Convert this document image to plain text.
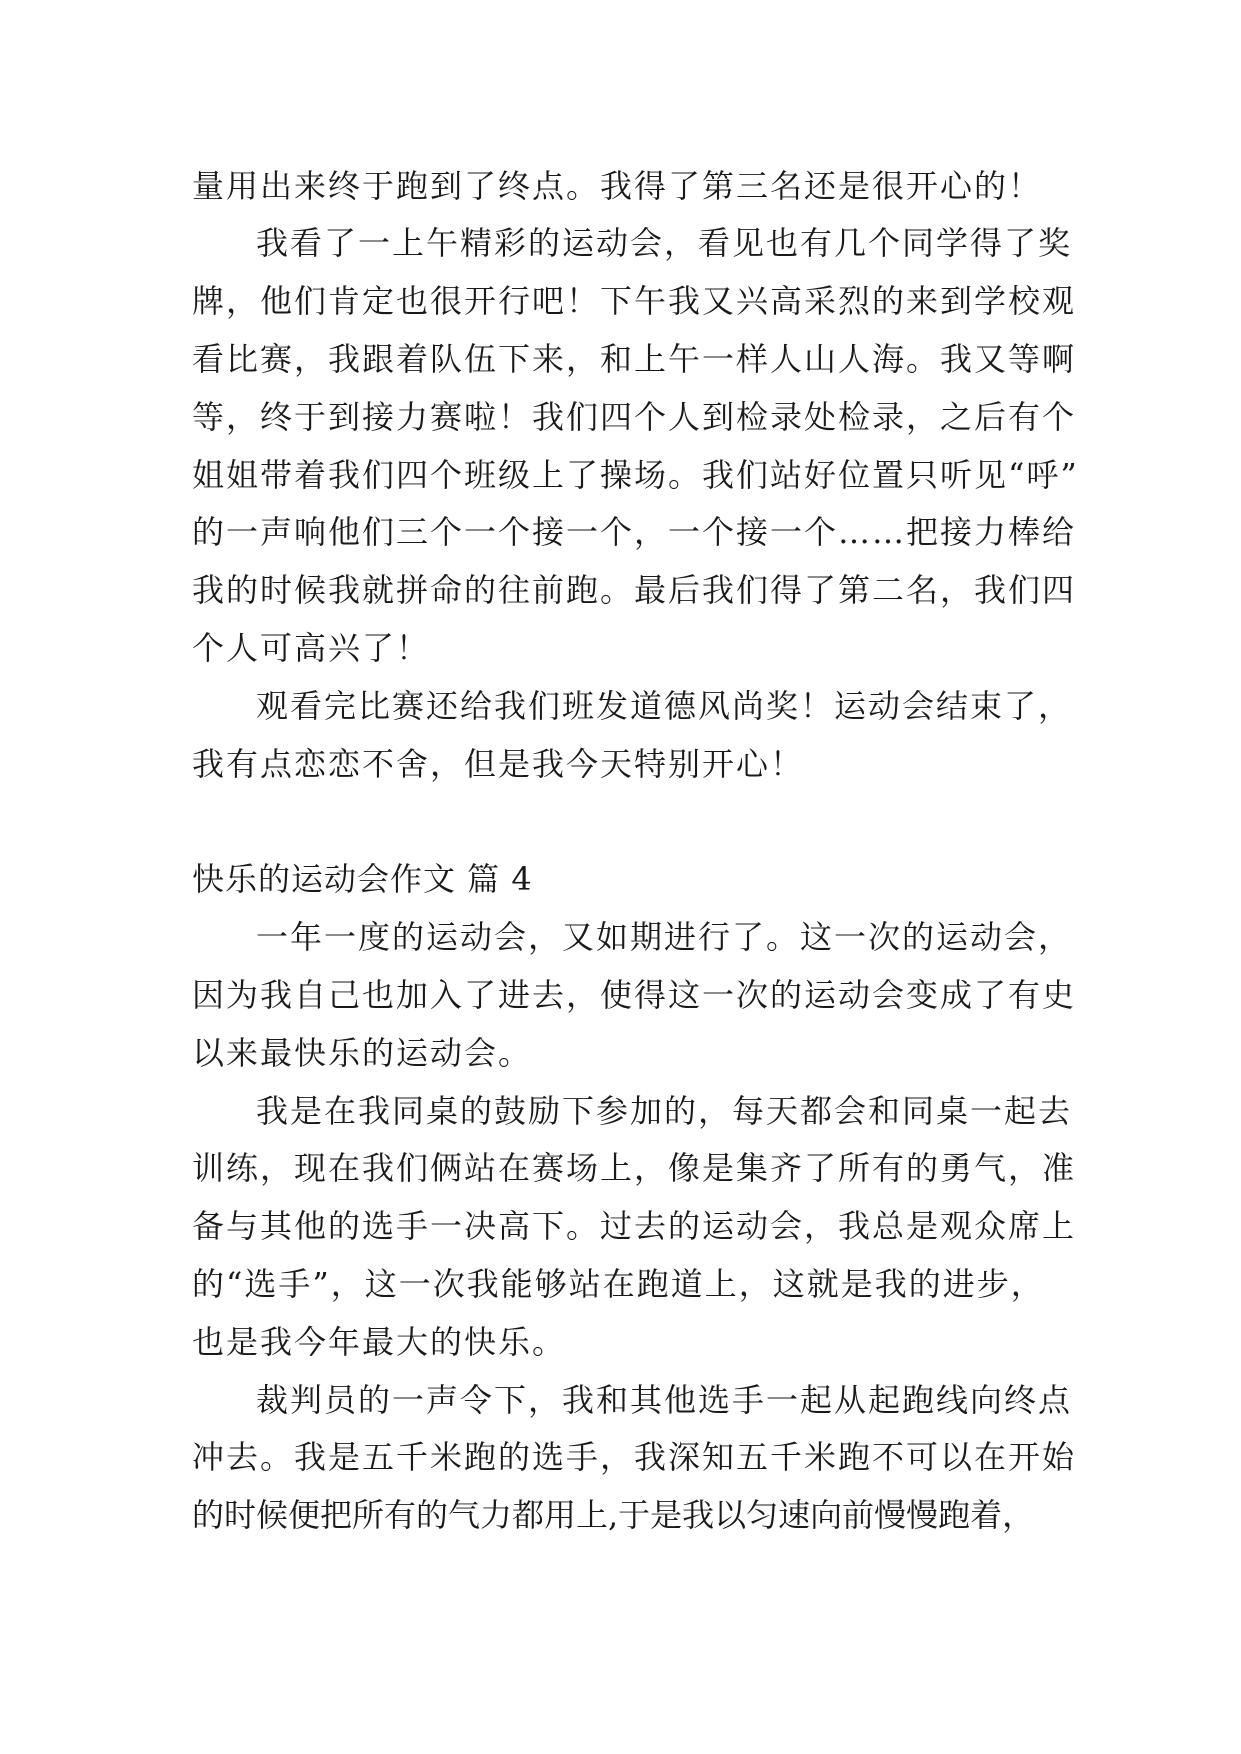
量用出来终于跑到了终点。我得了第三名还是很开心的！

我看了一上午精彩的运动会，看见也有几个同学得了奖

牌，他们肯定也很开行吧！下午我又兴高采烈的来到学校观

看比赛，我跟着队伍下来，和上午一样人山人海。我又等啊

等，终于到接力赛啦！我们四个人到检录处检录，之后有个

姐姐带着我们四个班级上了操场。我们站好位置只听见“呼”

的一声响他们三个一个接一个，一个接一个……把接力棒给

我的时候我就拼命的往前跑。最后我们得了第二名，我们四

个人可高兴了！

观看完比赛还给我们班发道德风尚奖！运动会结束了，

我有点恋恋不舍，但是我今天特别开心！

快乐的运动会作文 篇 4

一年一度的运动会，又如期进行了。这一次的运动会，

因为我自己也加入了进去，使得这一次的运动会变成了有史

以来最快乐的运动会。

我是在我同桌的鼓励下参加的，每天都会和同桌一起去

训练，现在我们俩站在赛场上，像是集齐了所有的勇气，准

备与其他的选手一决高下。过去的运动会，我总是观众席上

的“选手”，这一次我能够站在跑道上，这就是我的进步，

也是我今年最大的快乐。

裁判员的一声令下，我和其他选手一起从起跑线向终点

冲去。我是五千米跑的选手，我深知五千米跑不可以在开始

的时候便把所有的气力都用上,于是我以匀速向前慢慢跑着，
